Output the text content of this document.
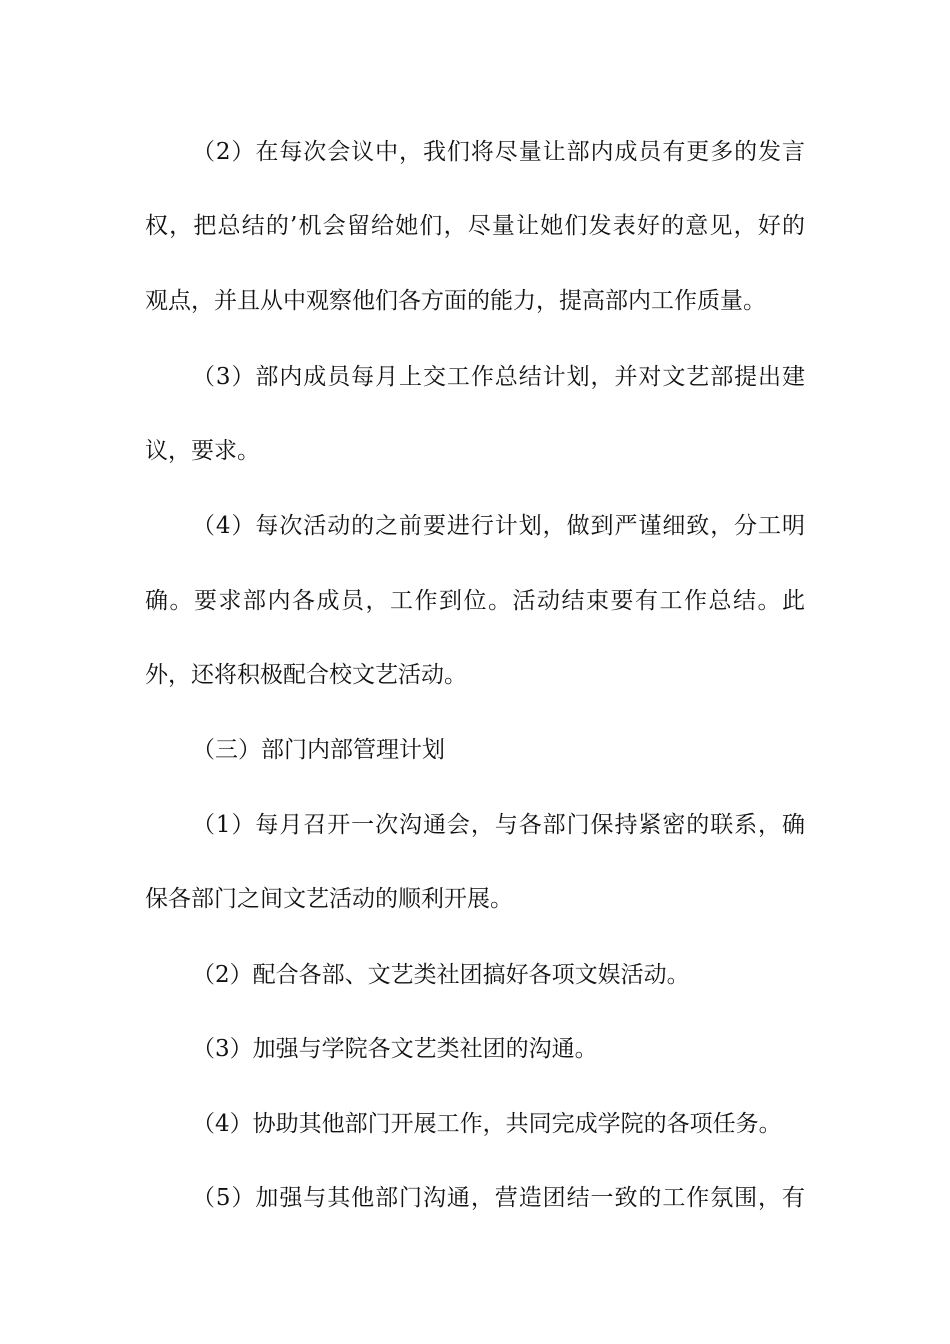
（2）在每次会议中，我们将尽量让部内成员有更多的发言
权，把总结的’机会留给她们，尽量让她们发表好的意见，好的
观点，并且从中观察他们各方面的能力，提高部内工作质量。
（3）部内成员每月上交工作总结计划，并对文艺部提出建
议，要求。
（4）每次活动的之前要进行计划，做到严谨细致，分工明
确。要求部内各成员，工作到位。活动结束要有工作总结。此
外，还将积极配合校文艺活动。
（三）部门内部管理计划
（1）每月召开一次沟通会，与各部门保持紧密的联系，确
保各部门之间文艺活动的顺利开展。
（2）配合各部、文艺类社团搞好各项文娱活动。
（3）加强与学院各文艺类社团的沟通。
（4）协助其他部门开展工作，共同完成学院的各项任务。
（5）加强与其他部门沟通，营造团结一致的工作氛围，有
